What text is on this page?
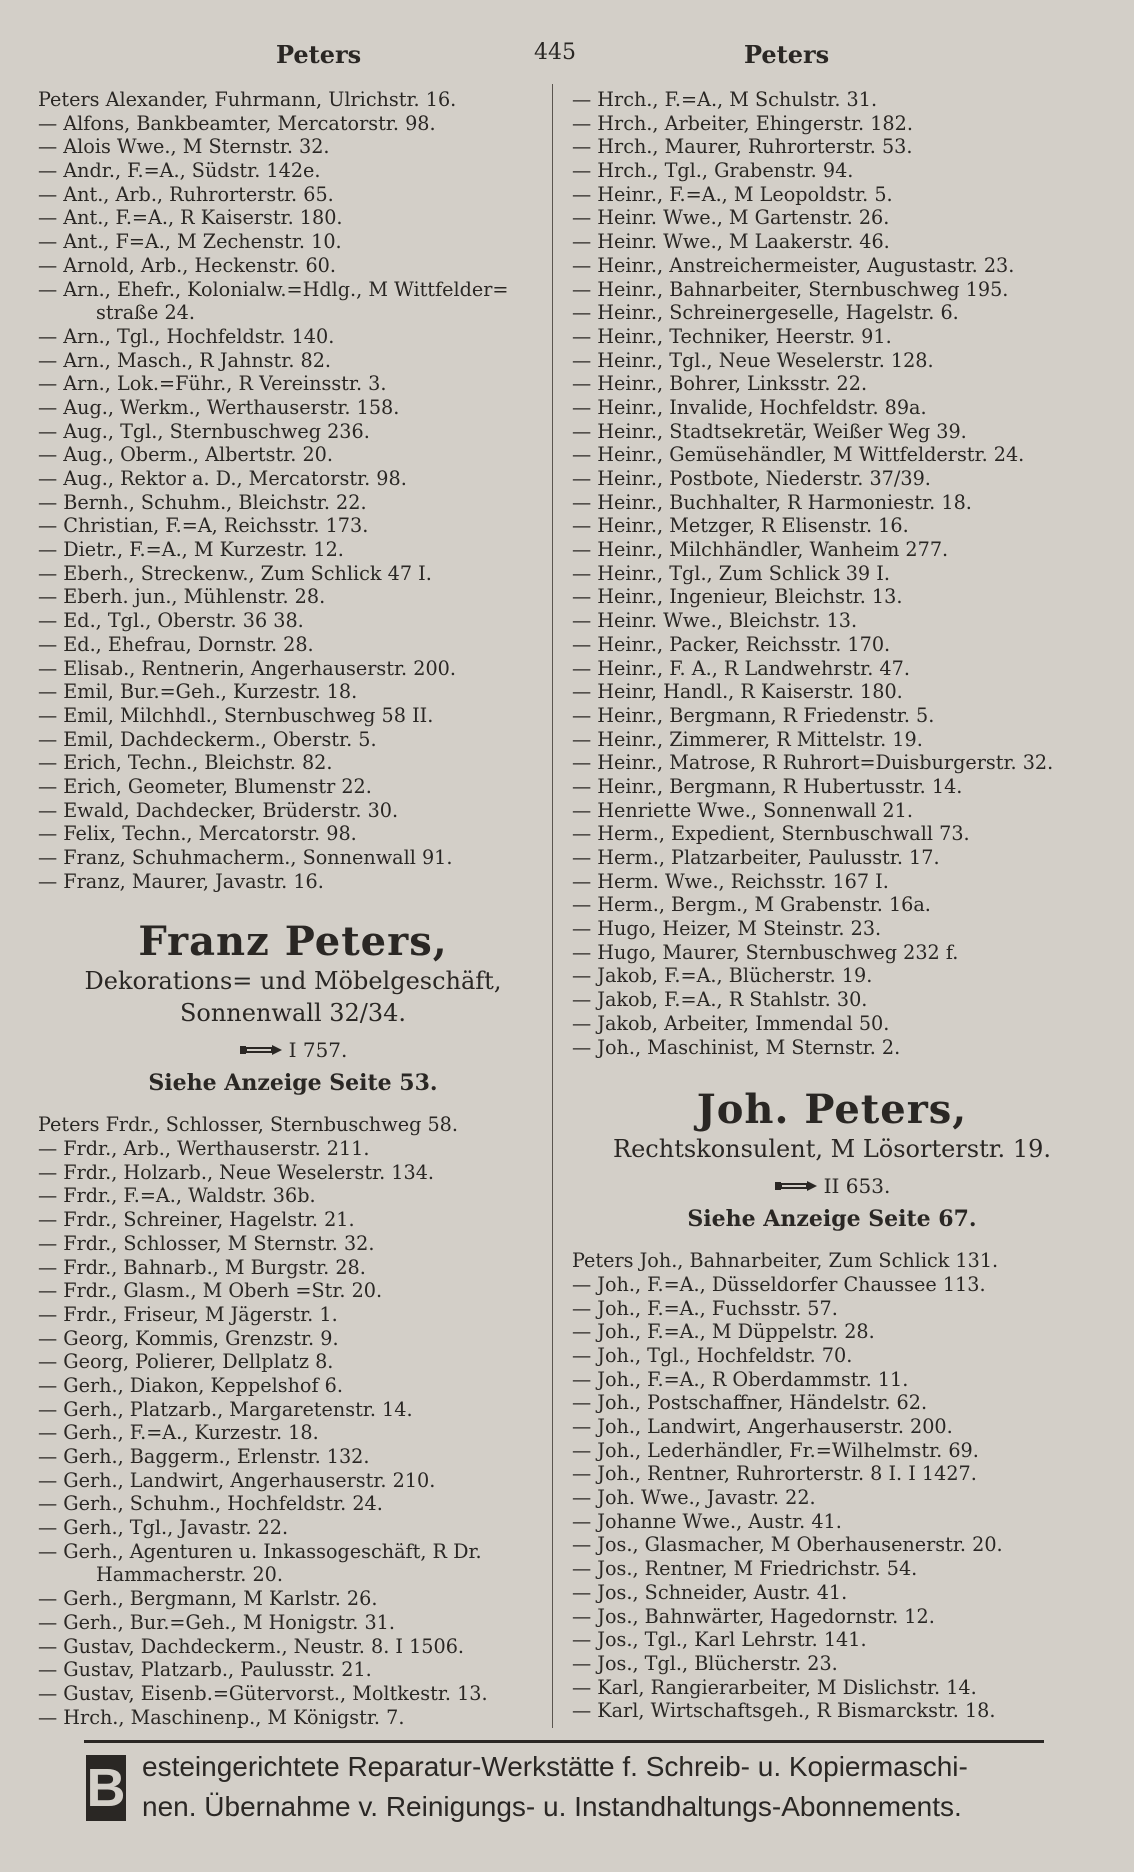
Peters	445	Peters
Peters Alexander, Fuhrmann, Ulrichstr. 16.
— Alfons, Bankbeamter, Mercatorstr. 98.
— Alois Wwe., M Sternstr. 32.
— Andr., F.=A., Südstr. 142e.
— Ant., Arb., Ruhrorterstr. 65.
— Ant., F.=A., R Kaiserstr. 180.
— Ant., F=A., M Zechenstr. 10.
— Arnold, Arb., Heckenstr. 60.
— Arn., Ehefr., Kolonialw.=Hdlg., M Wittfelder=
straße 24.
— Arn., Tgl., Hochfeldstr. 140.
— Arn., Masch., R Jahnstr. 82.
— Arn., Lok.=Führ., R Vereinsstr. 3.
— Aug., Werkm., Werthauserstr. 158.
— Aug., Tgl., Sternbuschweg 236.
— Aug., Oberm., Albertstr. 20.
— Aug., Rektor a. D., Mercatorstr. 98.
— Bernh., Schuhm., Bleichstr. 22.
— Christian, F.=A, Reichsstr. 173.
— Dietr., F.=A., M Kurzestr. 12.
— Eberh., Streckenw., Zum Schlick 47 I.
— Eberh. jun., Mühlenstr. 28.
— Ed., Tgl., Oberstr. 36 38.
— Ed., Ehefrau, Dornstr. 28.
— Elisab., Rentnerin, Angerhauserstr. 200.
— Emil, Bur.=Geh., Kurzestr. 18.
— Emil, Milchhdl., Sternbuschweg 58 II.
— Emil, Dachdeckerm., Oberstr. 5.
— Erich, Techn., Bleichstr. 82.
— Erich, Geometer, Blumenstr 22.
— Ewald, Dachdecker, Brüderstr. 30.
— Felix, Techn., Mercatorstr. 98.
— Franz, Schuhmacherm., Sonnenwall 91.
— Franz, Maurer, Javastr. 16.
Franz Peters,
Dekorations= und Möbelgeschäft,
Sonnenwall 32/34.
I 757.
Siehe Anzeige Seite 53.
Peters Frdr., Schlosser, Sternbuschweg 58.
— Frdr., Arb., Werthauserstr. 211.
— Frdr., Holzarb., Neue Weselerstr. 134.
— Frdr., F.=A., Waldstr. 36b.
— Frdr., Schreiner, Hagelstr. 21.
— Frdr., Schlosser, M Sternstr. 32.
— Frdr., Bahnarb., M Burgstr. 28.
— Frdr., Glasm., M Oberh =Str. 20.
— Frdr., Friseur, M Jägerstr. 1.
— Georg, Kommis, Grenzstr. 9.
— Georg, Polierer, Dellplatz 8.
— Gerh., Diakon, Keppelshof 6.
— Gerh., Platzarb., Margaretenstr. 14.
— Gerh., F.=A., Kurzestr. 18.
— Gerh., Baggerm., Erlenstr. 132.
— Gerh., Landwirt, Angerhauserstr. 210.
— Gerh., Schuhm., Hochfeldstr. 24.
— Gerh., Tgl., Javastr. 22.
— Gerh., Agenturen u. Inkassogeschäft, R Dr.
Hammacherstr. 20.
— Gerh., Bergmann, M Karlstr. 26.
— Gerh., Bur.=Geh., M Honigstr. 31.
— Gustav, Dachdeckerm., Neustr. 8. I 1506.
— Gustav, Platzarb., Paulusstr. 21.
— Gustav, Eisenb.=Gütervorst., Moltkestr. 13.
— Hrch., Maschinenp., M Königstr. 7.
— Hrch., F.=A., M Schulstr. 31.
— Hrch., Arbeiter, Ehingerstr. 182.
— Hrch., Maurer, Ruhrorterstr. 53.
— Hrch., Tgl., Grabenstr. 94.
— Heinr., F.=A., M Leopoldstr. 5.
— Heinr. Wwe., M Gartenstr. 26.
— Heinr. Wwe., M Laakerstr. 46.
— Heinr., Anstreichermeister, Augustastr. 23.
— Heinr., Bahnarbeiter, Sternbuschweg 195.
— Heinr., Schreinergeselle, Hagelstr. 6.
— Heinr., Techniker, Heerstr. 91.
— Heinr., Tgl., Neue Weselerstr. 128.
— Heinr., Bohrer, Linksstr. 22.
— Heinr., Invalide, Hochfeldstr. 89a.
— Heinr., Stadtsekretär, Weißer Weg 39.
— Heinr., Gemüsehändler, M Wittfelderstr. 24.
— Heinr., Postbote, Niederstr. 37/39.
— Heinr., Buchhalter, R Harmoniestr. 18.
— Heinr., Metzger, R Elisenstr. 16.
— Heinr., Milchhändler, Wanheim 277.
— Heinr., Tgl., Zum Schlick 39 I.
— Heinr., Ingenieur, Bleichstr. 13.
— Heinr. Wwe., Bleichstr. 13.
— Heinr., Packer, Reichsstr. 170.
— Heinr., F. A., R Landwehrstr. 47.
— Heinr, Handl., R Kaiserstr. 180.
— Heinr., Bergmann, R Friedenstr. 5.
— Heinr., Zimmerer, R Mittelstr. 19.
— Heinr., Matrose, R Ruhrort=Duisburgerstr. 32.
— Heinr., Bergmann, R Hubertusstr. 14.
— Henriette Wwe., Sonnenwall 21.
— Herm., Expedient, Sternbuschwall 73.
— Herm., Platzarbeiter, Paulusstr. 17.
— Herm. Wwe., Reichsstr. 167 I.
— Herm., Bergm., M Grabenstr. 16a.
— Hugo, Heizer, M Steinstr. 23.
— Hugo, Maurer, Sternbuschweg 232 f.
— Jakob, F.=A., Blücherstr. 19.
— Jakob, F.=A., R Stahlstr. 30.
— Jakob, Arbeiter, Immendal 50.
— Joh., Maschinist, M Sternstr. 2.
Joh. Peters,
Rechtskonsulent, M Lösorterstr. 19.
II 653.
Siehe Anzeige Seite 67.
Peters Joh., Bahnarbeiter, Zum Schlick 131.
— Joh., F.=A., Düsseldorfer Chaussee 113.
— Joh., F.=A., Fuchsstr. 57.
— Joh., F.=A., M Düppelstr. 28.
— Joh., Tgl., Hochfeldstr. 70.
— Joh., F.=A., R Oberdammstr. 11.
— Joh., Postschaffner, Händelstr. 62.
— Joh., Landwirt, Angerhauserstr. 200.
— Joh., Lederhändler, Fr.=Wilhelmstr. 69.
— Joh., Rentner, Ruhrorterstr. 8 I. I 1427.
— Joh. Wwe., Javastr. 22.
— Johanne Wwe., Austr. 41.
— Jos., Glasmacher, M Oberhausenerstr. 20.
— Jos., Rentner, M Friedrichstr. 54.
— Jos., Schneider, Austr. 41.
— Jos., Bahnwärter, Hagedornstr. 12.
— Jos., Tgl., Karl Lehrstr. 141.
— Jos., Tgl., Blücherstr. 23.
— Karl, Rangierarbeiter, M Dislichstr. 14.
— Karl, Wirtschaftsgeh., R Bismarckstr. 18.
B esteingerichtete Reparatur-Werkstätte f. Schreib- u. Kopiermaschi-
nen. Übernahme v. Reinigungs- u. Instandhaltungs-Abonnements.
